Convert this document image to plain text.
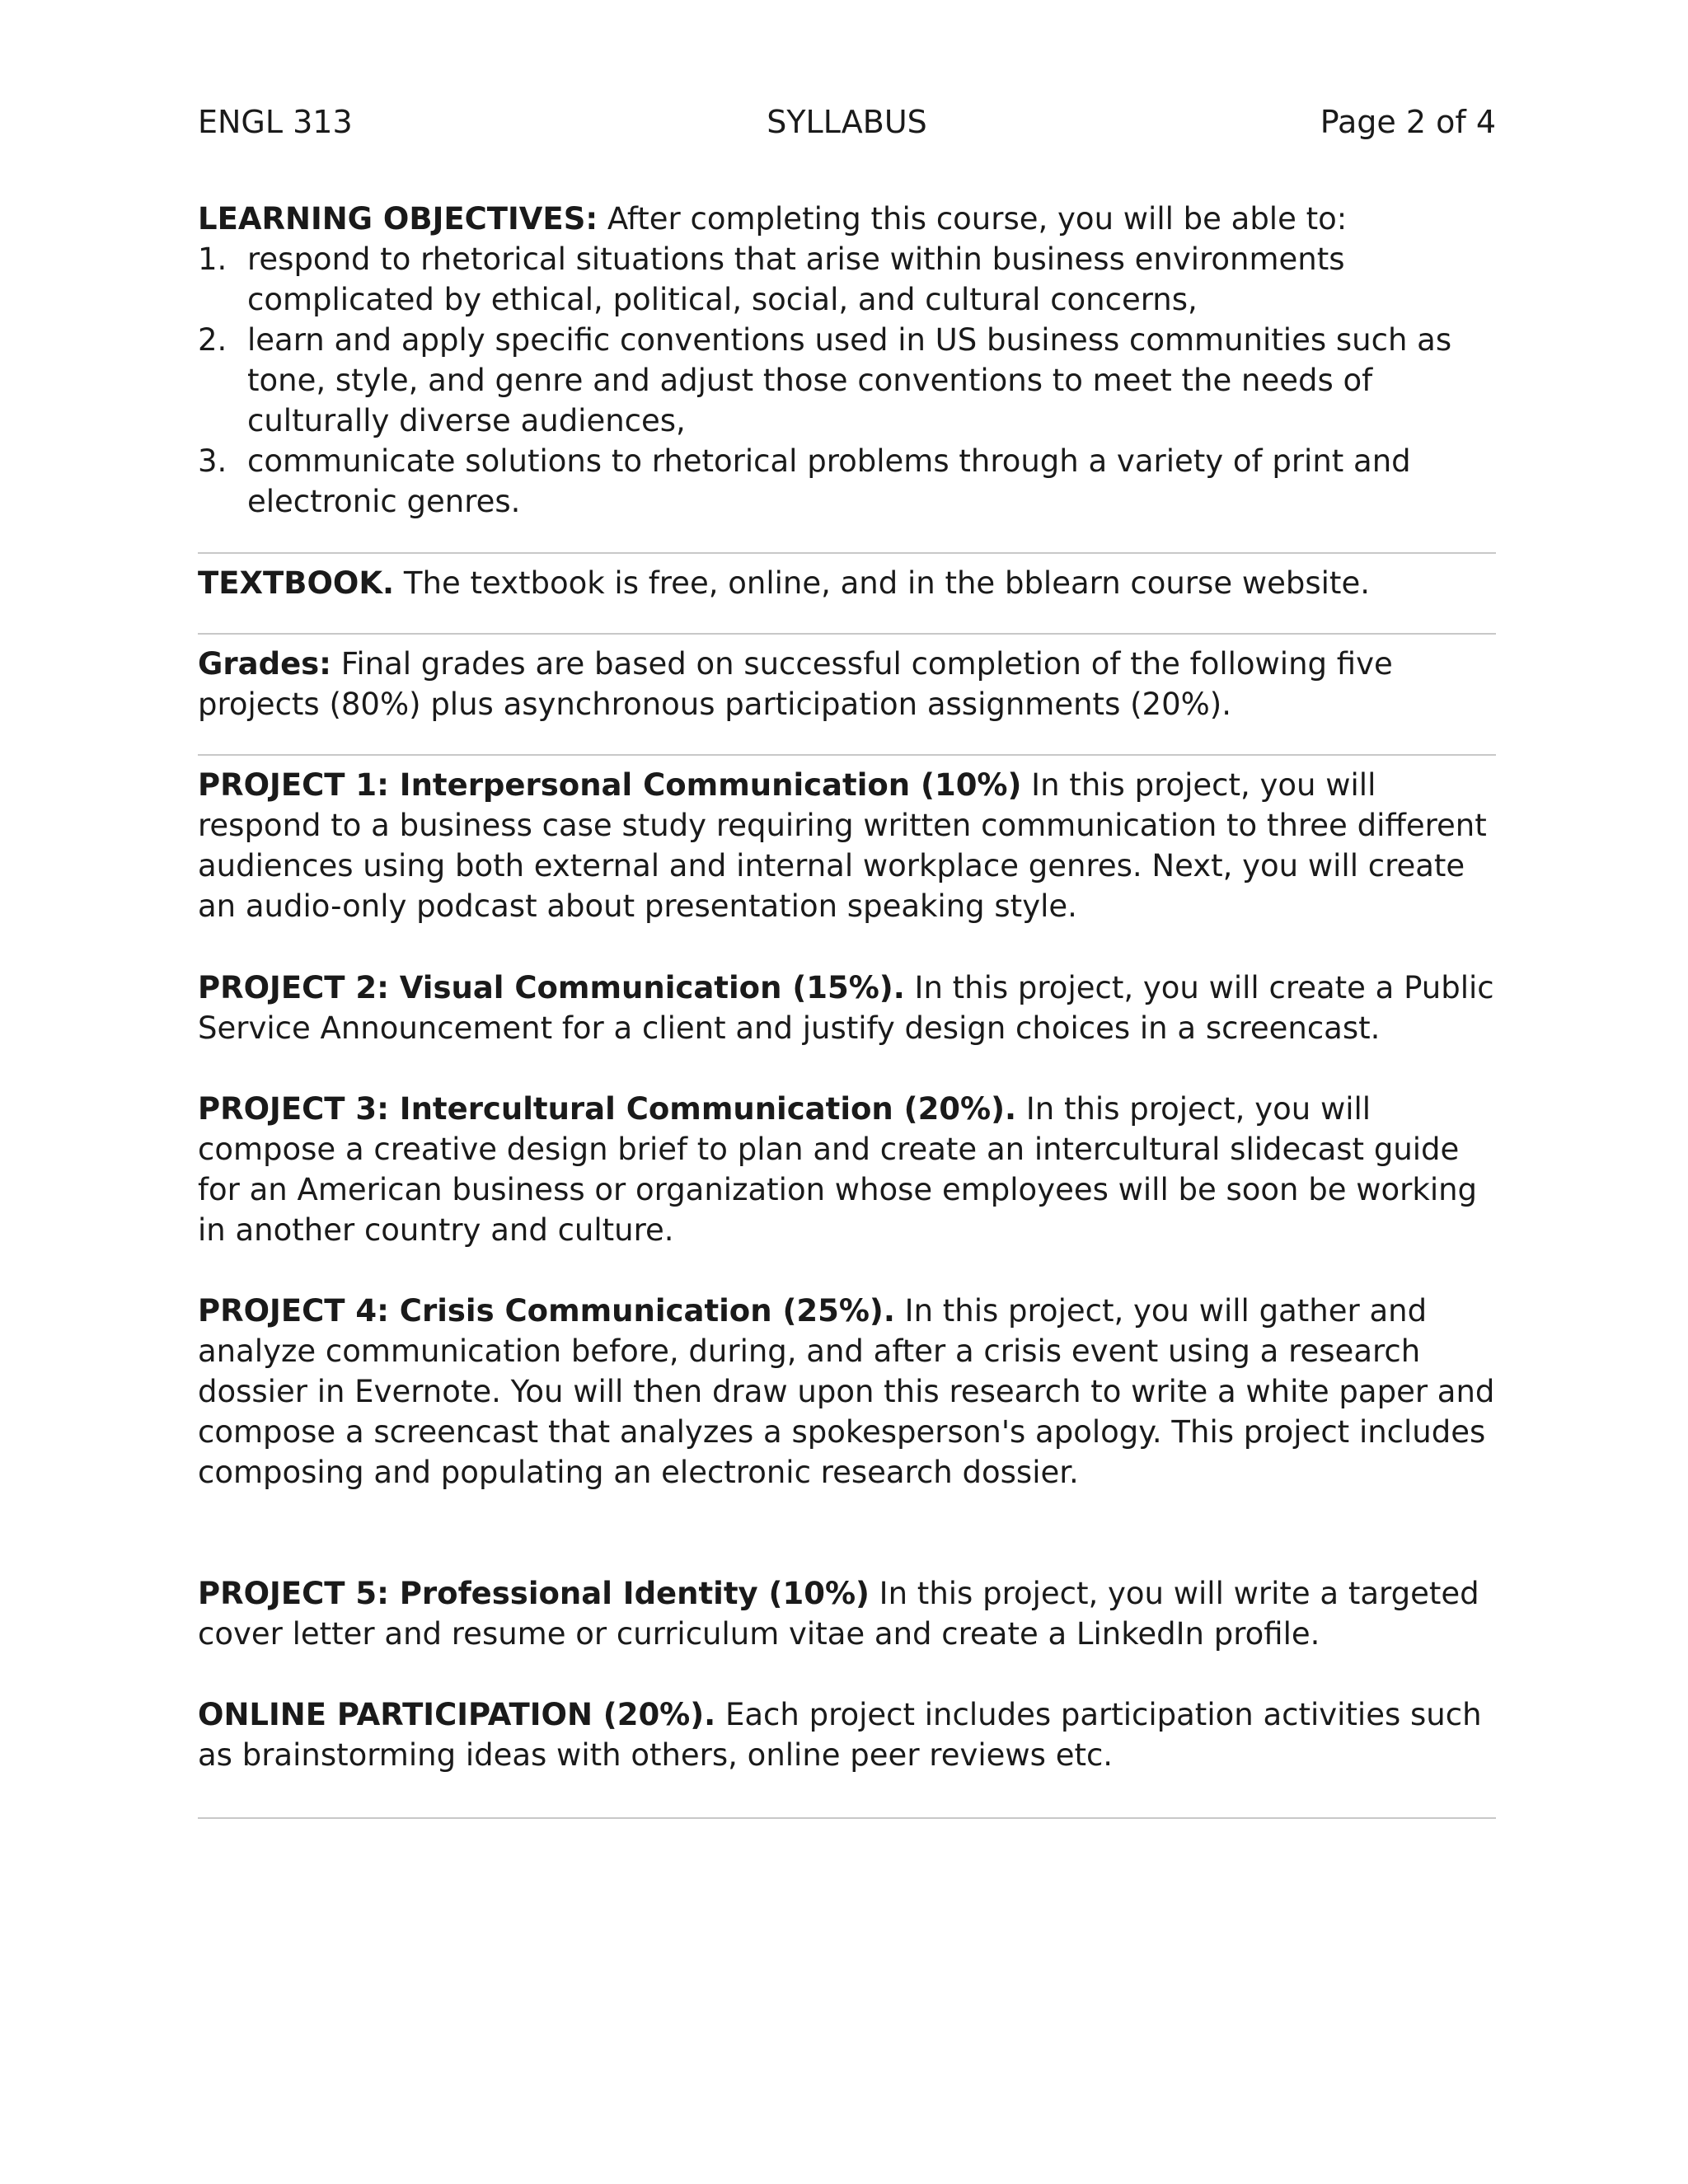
ENGL 313	SYLLABUS	Page 2 of 4

LEARNING OBJECTIVES: After completing this course, you will be able to:

1. respond to rhetorical situations that arise within business environments complicated by ethical, political, social, and cultural concerns,
2. learn and apply specific conventions used in US business communities such as tone, style, and genre and adjust those conventions to meet the needs of culturally diverse audiences,
3. communicate solutions to rhetorical problems through a variety of print and electronic genres.

TEXTBOOK. The textbook is free, online, and in the bblearn course website.

Grades: Final grades are based on successful completion of the following five projects (80%) plus asynchronous participation assignments (20%).

PROJECT 1: Interpersonal Communication (10%) In this project, you will respond to a business case study requiring written communication to three different audiences using both external and internal workplace genres. Next, you will create an audio-only podcast about presentation speaking style.

PROJECT 2: Visual Communication (15%). In this project, you will create a Public Service Announcement for a client and justify design choices in a screencast.

PROJECT 3: Intercultural Communication (20%). In this project, you will compose a creative design brief to plan and create an intercultural slidecast guide for an American business or organization whose employees will be soon be working in another country and culture.

PROJECT 4: Crisis Communication (25%). In this project, you will gather and analyze communication before, during, and after a crisis event using a research dossier in Evernote. You will then draw upon this research to write a white paper and compose a screencast that analyzes a spokesperson's apology. This project includes composing and populating an electronic research dossier.

PROJECT 5: Professional Identity (10%) In this project, you will write a targeted cover letter and resume or curriculum vitae and create a LinkedIn profile.

ONLINE PARTICIPATION (20%). Each project includes participation activities such as brainstorming ideas with others, online peer reviews etc.
